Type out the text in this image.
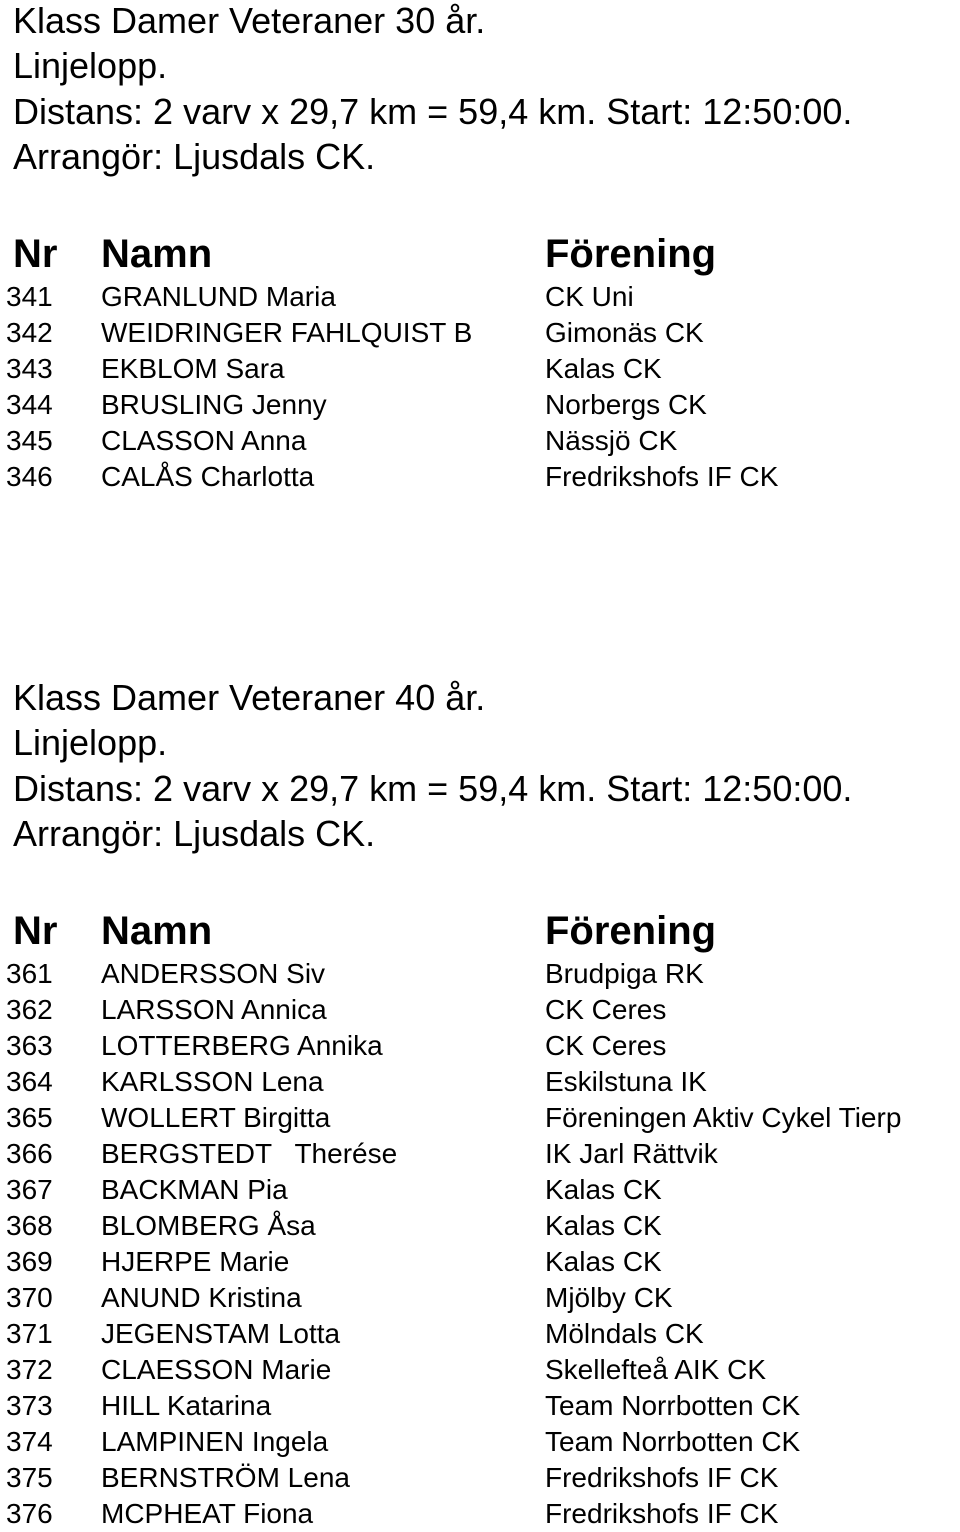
Klass Damer Veteraner 30 år.
Linjelopp.
Distans: 2 varv x 29,7 km = 59,4 km. Start: 12:50:00.
Arrangör: Ljusdals CK.
Nr Namn	Förening
341 GRANLUND Maria	CK Uni
342 WEIDRINGER FAHLQUIST B	Gimonäs CK
343 EKBLOM Sara	Kalas CK
344 BRUSLING Jenny	Norbergs CK
345 CLASSON Anna	Nässjö CK
346 CALÅS Charlotta	Fredrikshofs IF CK
Klass Damer Veteraner 40 år.
Linjelopp.
Distans: 2 varv x 29,7 km = 59,4 km. Start: 12:50:00.
Arrangör: Ljusdals CK.
Nr Namn	Förening
361 ANDERSSON Siv	Brudpiga RK
362 LARSSON Annica	CK Ceres
363 LOTTERBERG Annika	CK Ceres
364 KARLSSON Lena	Eskilstuna IK
365 WOLLERT Birgitta	Föreningen Aktiv Cykel Tierp
366 BERGSTEDT   Therése	IK Jarl Rättvik
367 BACKMAN Pia	Kalas CK
368 BLOMBERG Åsa	Kalas CK
369 HJERPE Marie	Kalas CK
370 ANUND Kristina	Mjölby CK
371 JEGENSTAM Lotta	Mölndals CK
372 CLAESSON Marie	Skellefteå AIK CK
373 HILL Katarina	Team Norrbotten CK
374 LAMPINEN Ingela	Team Norrbotten CK
375 BERNSTRÖM Lena	Fredrikshofs IF CK
376 MCPHEAT Fiona	Fredrikshofs IF CK
